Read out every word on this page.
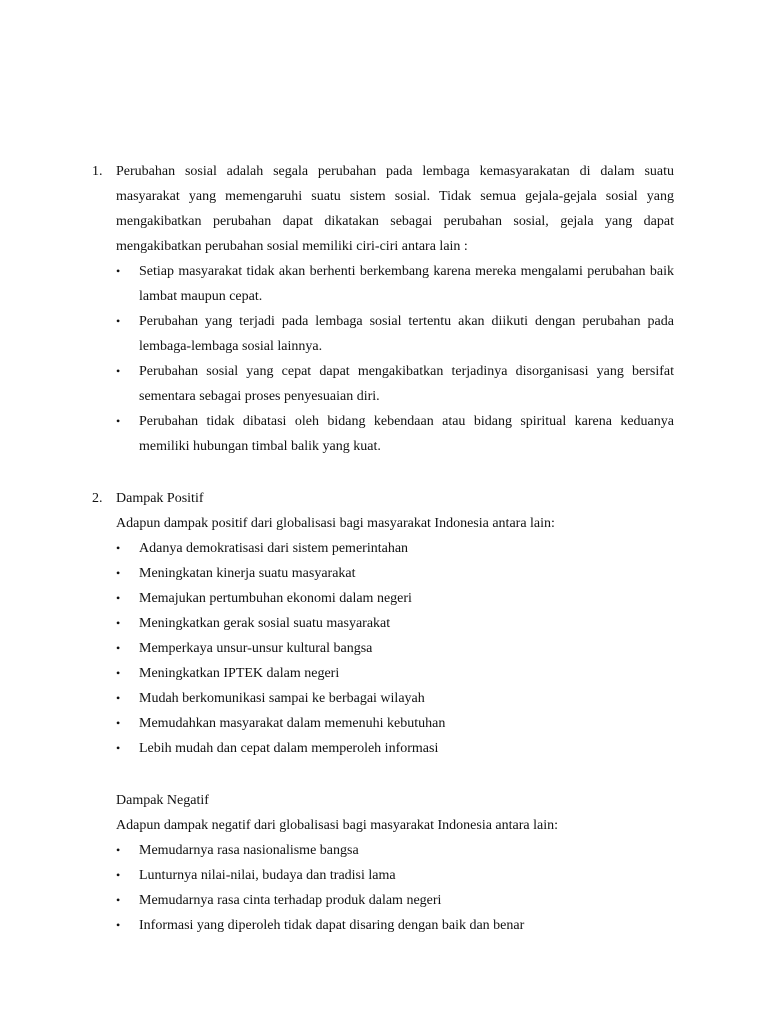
1. Perubahan sosial adalah segala perubahan pada lembaga kemasyarakatan di dalam suatu masyarakat yang memengaruhi suatu sistem sosial. Tidak semua gejala-gejala sosial yang mengakibatkan perubahan dapat dikatakan sebagai perubahan sosial, gejala yang dapat mengakibatkan perubahan sosial memiliki ciri-ciri antara lain :

•	Setiap masyarakat tidak akan berhenti berkembang karena mereka mengalami perubahan baik lambat maupun cepat.
•	Perubahan yang terjadi pada lembaga sosial tertentu akan diikuti dengan perubahan pada lembaga-lembaga sosial lainnya.
•	Perubahan sosial yang cepat dapat mengakibatkan terjadinya disorganisasi yang bersifat sementara sebagai proses penyesuaian diri.
•	Perubahan tidak dibatasi oleh bidang kebendaan atau bidang spiritual karena keduanya memiliki hubungan timbal balik yang kuat.
2. Dampak Positif

Adapun dampak positif dari globalisasi bagi masyarakat Indonesia antara lain:

•	Adanya demokratisasi dari sistem pemerintahan
•	Meningkatan kinerja suatu masyarakat
•	Memajukan pertumbuhan ekonomi dalam negeri
•	Meningkatkan gerak sosial suatu masyarakat
•	Memperkaya unsur-unsur kultural bangsa
•	Meningkatkan IPTEK dalam negeri
•	Mudah berkomunikasi sampai ke berbagai wilayah
•	Memudahkan masyarakat dalam memenuhi kebutuhan
•	Lebih mudah dan cepat dalam memperoleh informasi

Dampak Negatif

Adapun dampak negatif dari globalisasi bagi masyarakat Indonesia antara lain:

•	Memudarnya rasa nasionalisme bangsa
•	Lunturnya nilai-nilai, budaya dan tradisi lama
•	Memudarnya rasa cinta terhadap produk dalam negeri
•	Informasi yang diperoleh tidak dapat disaring dengan baik dan benar
